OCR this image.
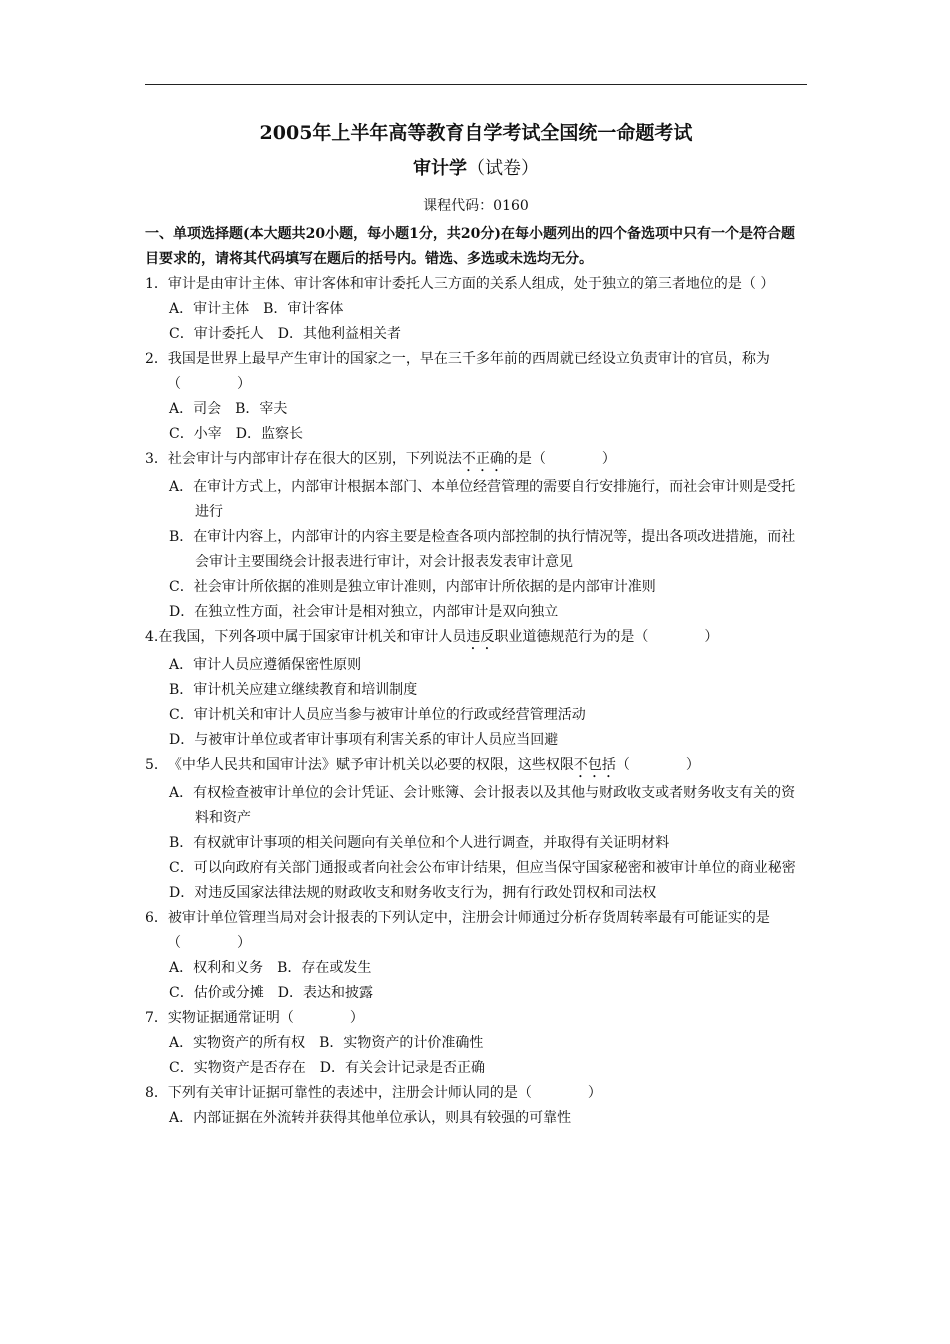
2005年上半年高等教育自学考试全国统一命题考试

审计学（试卷）

课程代码：0160

一、单项选择题(本大题共20小题，每小题1分，共20分)在每小题列出的四个备选项中只有一个是符合题目要求的，请将其代码填写在题后的括号内。错选、多选或未选均无分。

1．审计是由审计主体、审计客体和审计委托人三方面的关系人组成，处于独立的第三者地位的是（ ）

A．审计主体 B．审计客体

C．审计委托人 D．其他利益相关者

2．我国是世界上最早产生审计的国家之一，早在三千多年前的西周就已经设立负责审计的官员，称为（　　　　）

A．司会 B．宰夫

C．小宰 D．监察长

3．社会审计与内部审计存在很大的区别，下列说法不正确的是（　　　　）

A．在审计方式上，内部审计根据本部门、本单位经营管理的需要自行安排施行，而社会审计则是受托进行

B．在审计内容上，内部审计的内容主要是检查各项内部控制的执行情况等，提出各项改进措施，而社会审计主要围绕会计报表进行审计，对会计报表发表审计意见

C．社会审计所依据的准则是独立审计准则，内部审计所依据的是内部审计准则

D．在独立性方面，社会审计是相对独立，内部审计是双向独立

4.在我国，下列各项中属于国家审计机关和审计人员违反职业道德规范行为的是（　　　　）

A．审计人员应遵循保密性原则

B．审计机关应建立继续教育和培训制度

C．审计机关和审计人员应当参与被审计单位的行政或经营管理活动

D．与被审计单位或者审计事项有利害关系的审计人员应当回避

5．《中华人民共和国审计法》赋予审计机关以必要的权限，这些权限不包括（　　　　）

A．有权检查被审计单位的会计凭证、会计账簿、会计报表以及其他与财政收支或者财务收支有关的资料和资产

B．有权就审计事项的相关问题向有关单位和个人进行调查，并取得有关证明材料

C．可以向政府有关部门通报或者向社会公布审计结果，但应当保守国家秘密和被审计单位的商业秘密

D．对违反国家法律法规的财政收支和财务收支行为，拥有行政处罚权和司法权

6．被审计单位管理当局对会计报表的下列认定中，注册会计师通过分析存货周转率最有可能证实的是（　　　　）

A．权利和义务 B．存在或发生

C．估价或分摊 D．表达和披露

7．实物证据通常证明（　　　　）

A．实物资产的所有权 B．实物资产的计价准确性

C．实物资产是否存在 D．有关会计记录是否正确

8．下列有关审计证据可靠性的表述中，注册会计师认同的是（　　　　）

A．内部证据在外流转并获得其他单位承认，则具有较强的可靠性
